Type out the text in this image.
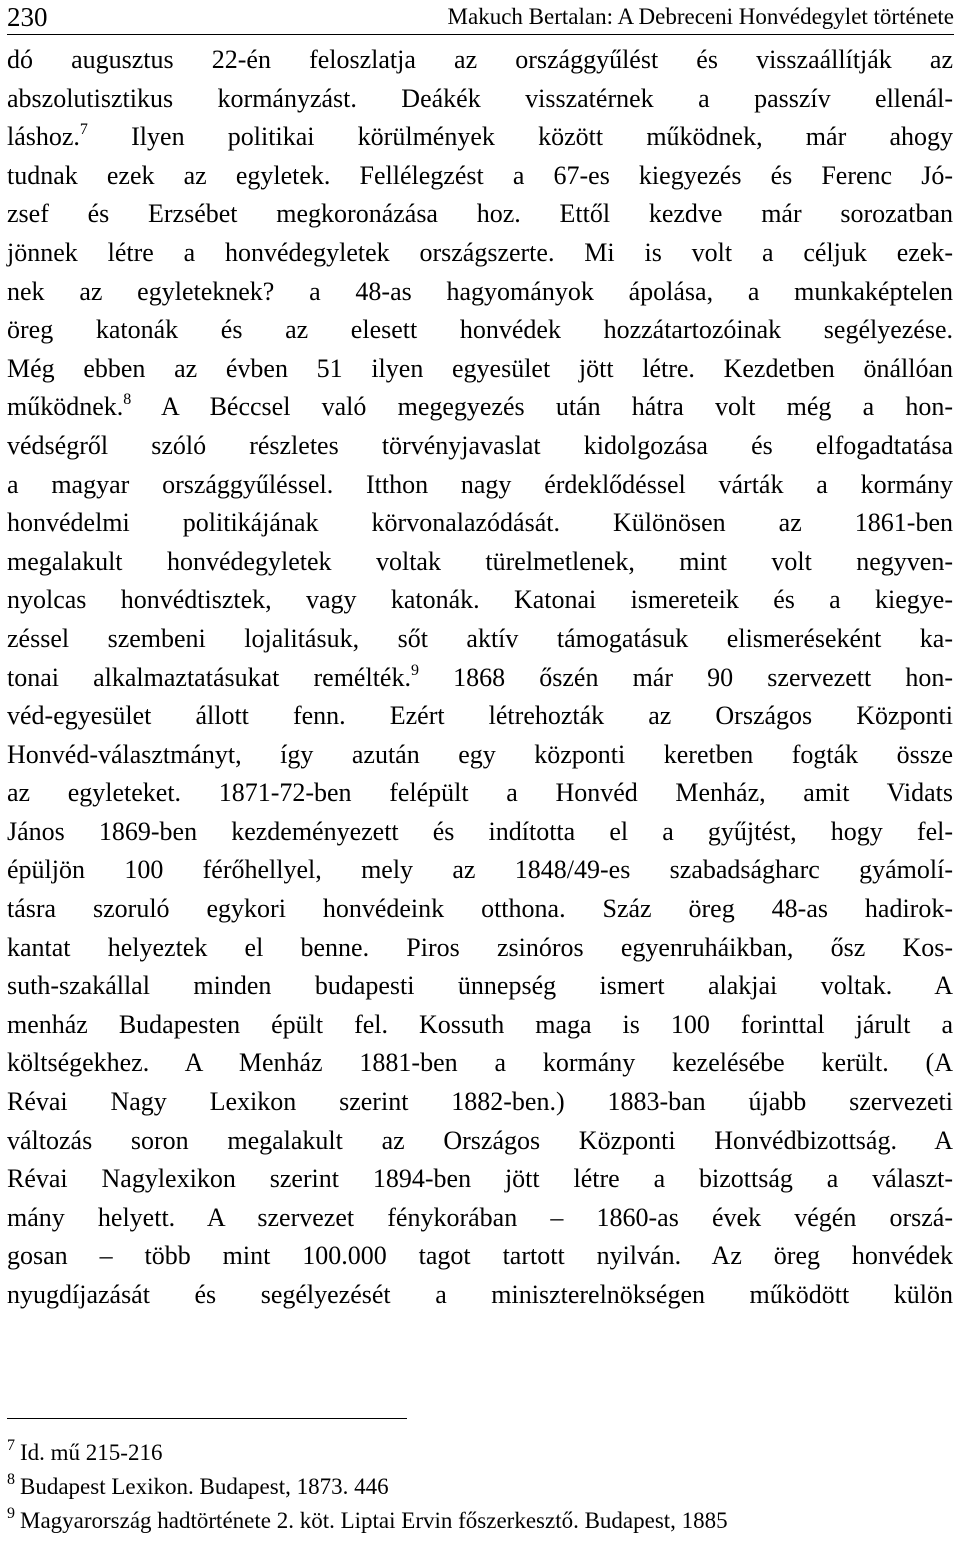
230	Makuch Bertalan: A Debreceni Honvédegylet története
dó augusztus 22-én feloszlatja az országgyűlést és visszaállítják az
abszolutisztikus kormányzást. Deákék visszatérnek a passzív ellenál-
láshoz.$^7$ Ilyen politikai körülmények között működnek, már ahogy
tudnak ezek az egyletek. Fellélegzést a 67-es kiegyezés és Ferenc Jó-
zsef és Erzsébet megkoronázása hoz. Ettől kezdve már sorozatban
jönnek létre a honvédegyletek országszerte. Mi is volt a céljuk ezek-
nek az egyleteknek? a 48-as hagyományok ápolása, a munkaképtelen
öreg katonák és az elesett honvédek hozzátartozóinak segélyezése.
Még ebben az évben 51 ilyen egyesület jött létre. Kezdetben önállóan
működnek.$^8$ A Béccsel való megegyezés után hátra volt még a hon-
védségről szóló részletes törvényjavaslat kidolgozása és elfogadtatása
a magyar országgyűléssel. Itthon nagy érdeklődéssel várták a kormány
honvédelmi politikájának körvonalazódását. Különösen az 1861-ben
megalakult honvédegyletek voltak türelmetlenek, mint volt negyven-
nyolcas honvédtisztek, vagy katonák. Katonai ismereteik és a kiegye-
zéssel szembeni lojalitásuk, sőt aktív támogatásuk elismeréseként ka-
tonai alkalmaztatásukat remélték.$^9$ 1868 őszén már 90 szervezett hon-
véd-egyesület állott fenn. Ezért létrehozták az Országos Központi
Honvéd-választmányt, így azután egy központi keretben fogták össze
az egyleteket. 1871-72-ben felépült a Honvéd Menház, amit Vidats
János 1869-ben kezdeményezett és indította el a gyűjtést, hogy fel-
épüljön 100 férőhellyel, mely az 1848/49-es szabadságharc gyámolí-
tásra szoruló egykori honvédeink otthona. Száz öreg 48-as hadirok-
kantat helyeztek el benne. Piros zsinóros egyenruháikban, ősz Kos-
suth-szakállal minden budapesti ünnepség ismert alakjai voltak. A
menház Budapesten épült fel. Kossuth maga is 100 forinttal járult a
költségekhez. A Menház 1881-ben a kormány kezelésébe került. (A
Révai Nagy Lexikon szerint 1882-ben.) 1883-ban újabb szervezeti
változás soron megalakult az Országos Központi Honvédbizottság. A
Révai Nagylexikon szerint 1894-ben jött létre a bizottság a választ-
mány helyett. A szervezet fénykorában – 1860-as évek végén orszá-
gosan – több mint 100.000 tagot tartott nyilván. Az öreg honvédek
nyugdíjazását és segélyezését a miniszterelnökségen működött külön
$^7$ Id. mű 215-216
$^8$ Budapest Lexikon. Budapest, 1873. 446
$^9$ Magyarország hadtörténete 2. köt. Liptai Ervin főszerkesztő. Budapest, 1885
